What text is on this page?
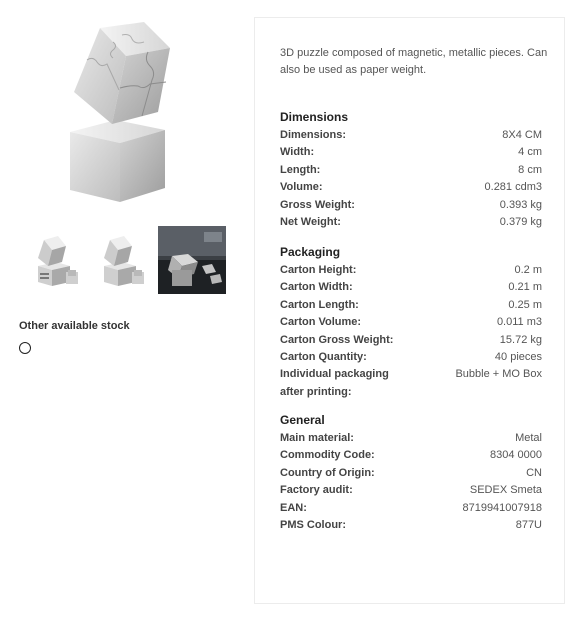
Other available stock
3D puzzle composed of magnetic, metallic pieces. Can also be used as paper weight.
Dimensions
Dimensions:	8X4 CM
Width:	4 cm
Length:	8 cm
Volume:	0.281 cdm3
Gross Weight:	0.393 kg
Net Weight:	0.379 kg
Packaging
Carton Height:	0.2 m
Carton Width:	0.21 m
Carton Length:	0.25 m
Carton Volume:	0.011 m3
Carton Gross Weight:	15.72 kg
Carton Quantity:	40 pieces
Individual packaging after printing:
Bubble + MO Box
General
Main material:	Metal
Commodity Code:	8304 0000
Country of Origin:	CN
Factory audit:	SEDEX Smeta
EAN:	8719941007918
PMS Colour:	877U
